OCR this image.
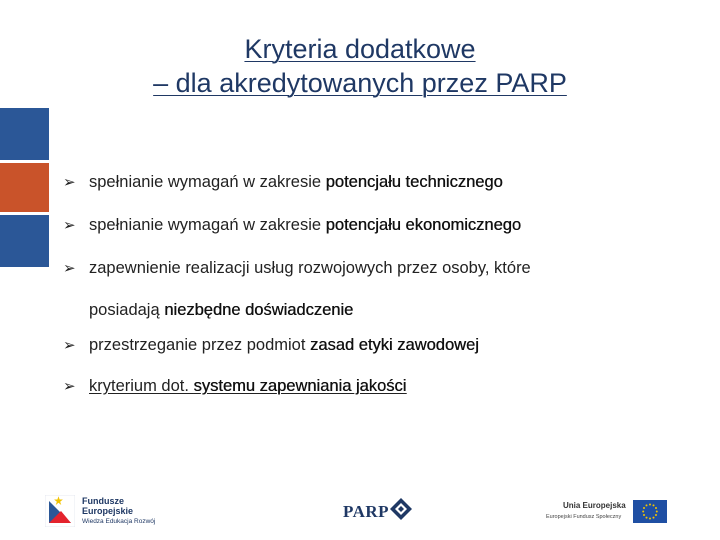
Kryteria dodatkowe
– dla akredytowanych przez PARP
➢ spełnianie wymagań w zakresie potencjału technicznego
➢ spełnianie wymagań w zakresie potencjału ekonomicznego
➢ zapewnienie realizacji usług rozwojowych przez osoby, które
posiadają niezbędne doświadczenie
➢ przestrzeganie przez podmiot zasad etyki zawodowej
➢ kryterium dot. systemu zapewniania jakości
Fundusze
Europejskie
Wiedza Edukacja Rozwój
PARP	Unia Europejska
Europejski Fundusz Społeczny
